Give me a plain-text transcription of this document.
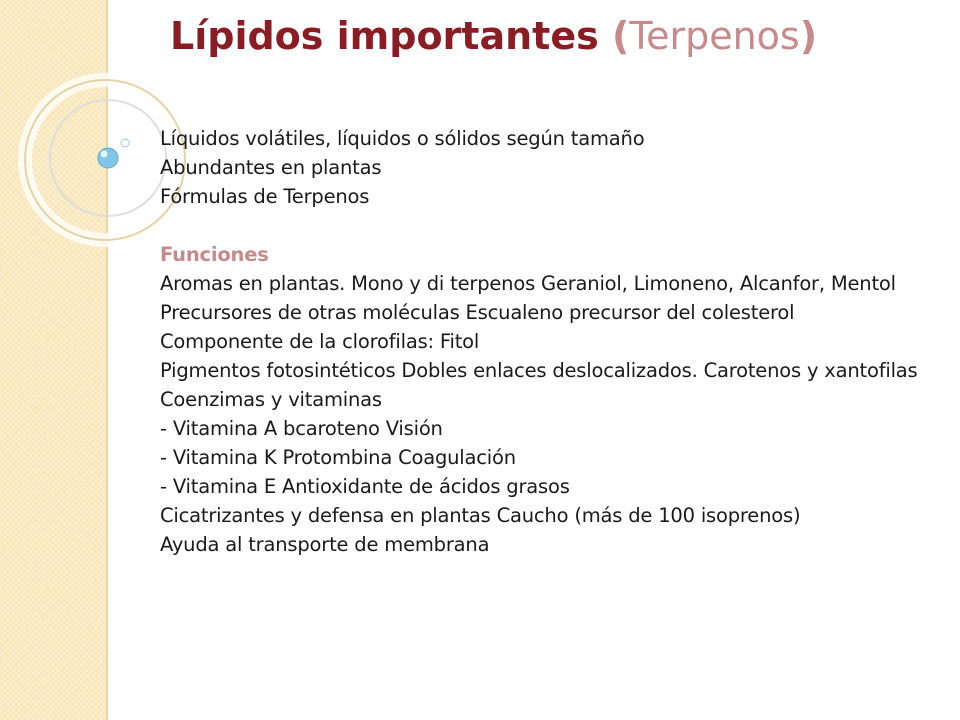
Lípidos importantes (Terpenos)
Líquidos volátiles, líquidos o sólidos según tamaño
Abundantes en plantas
Fórmulas de Terpenos
Funciones
Aromas en plantas. Mono y di terpenos Geraniol, Limoneno, Alcanfor, Mentol
Precursores de otras moléculas Escualeno precursor del colesterol
Componente de la clorofilas: Fitol
Pigmentos fotosintéticos Dobles enlaces deslocalizados. Carotenos y xantofilas
Coenzimas y vitaminas
- Vitamina A bcaroteno Visión
- Vitamina K Protombina Coagulación
- Vitamina E Antioxidante de ácidos grasos
Cicatrizantes y defensa en plantas Caucho (más de 100 isoprenos)
Ayuda al transporte de membrana
